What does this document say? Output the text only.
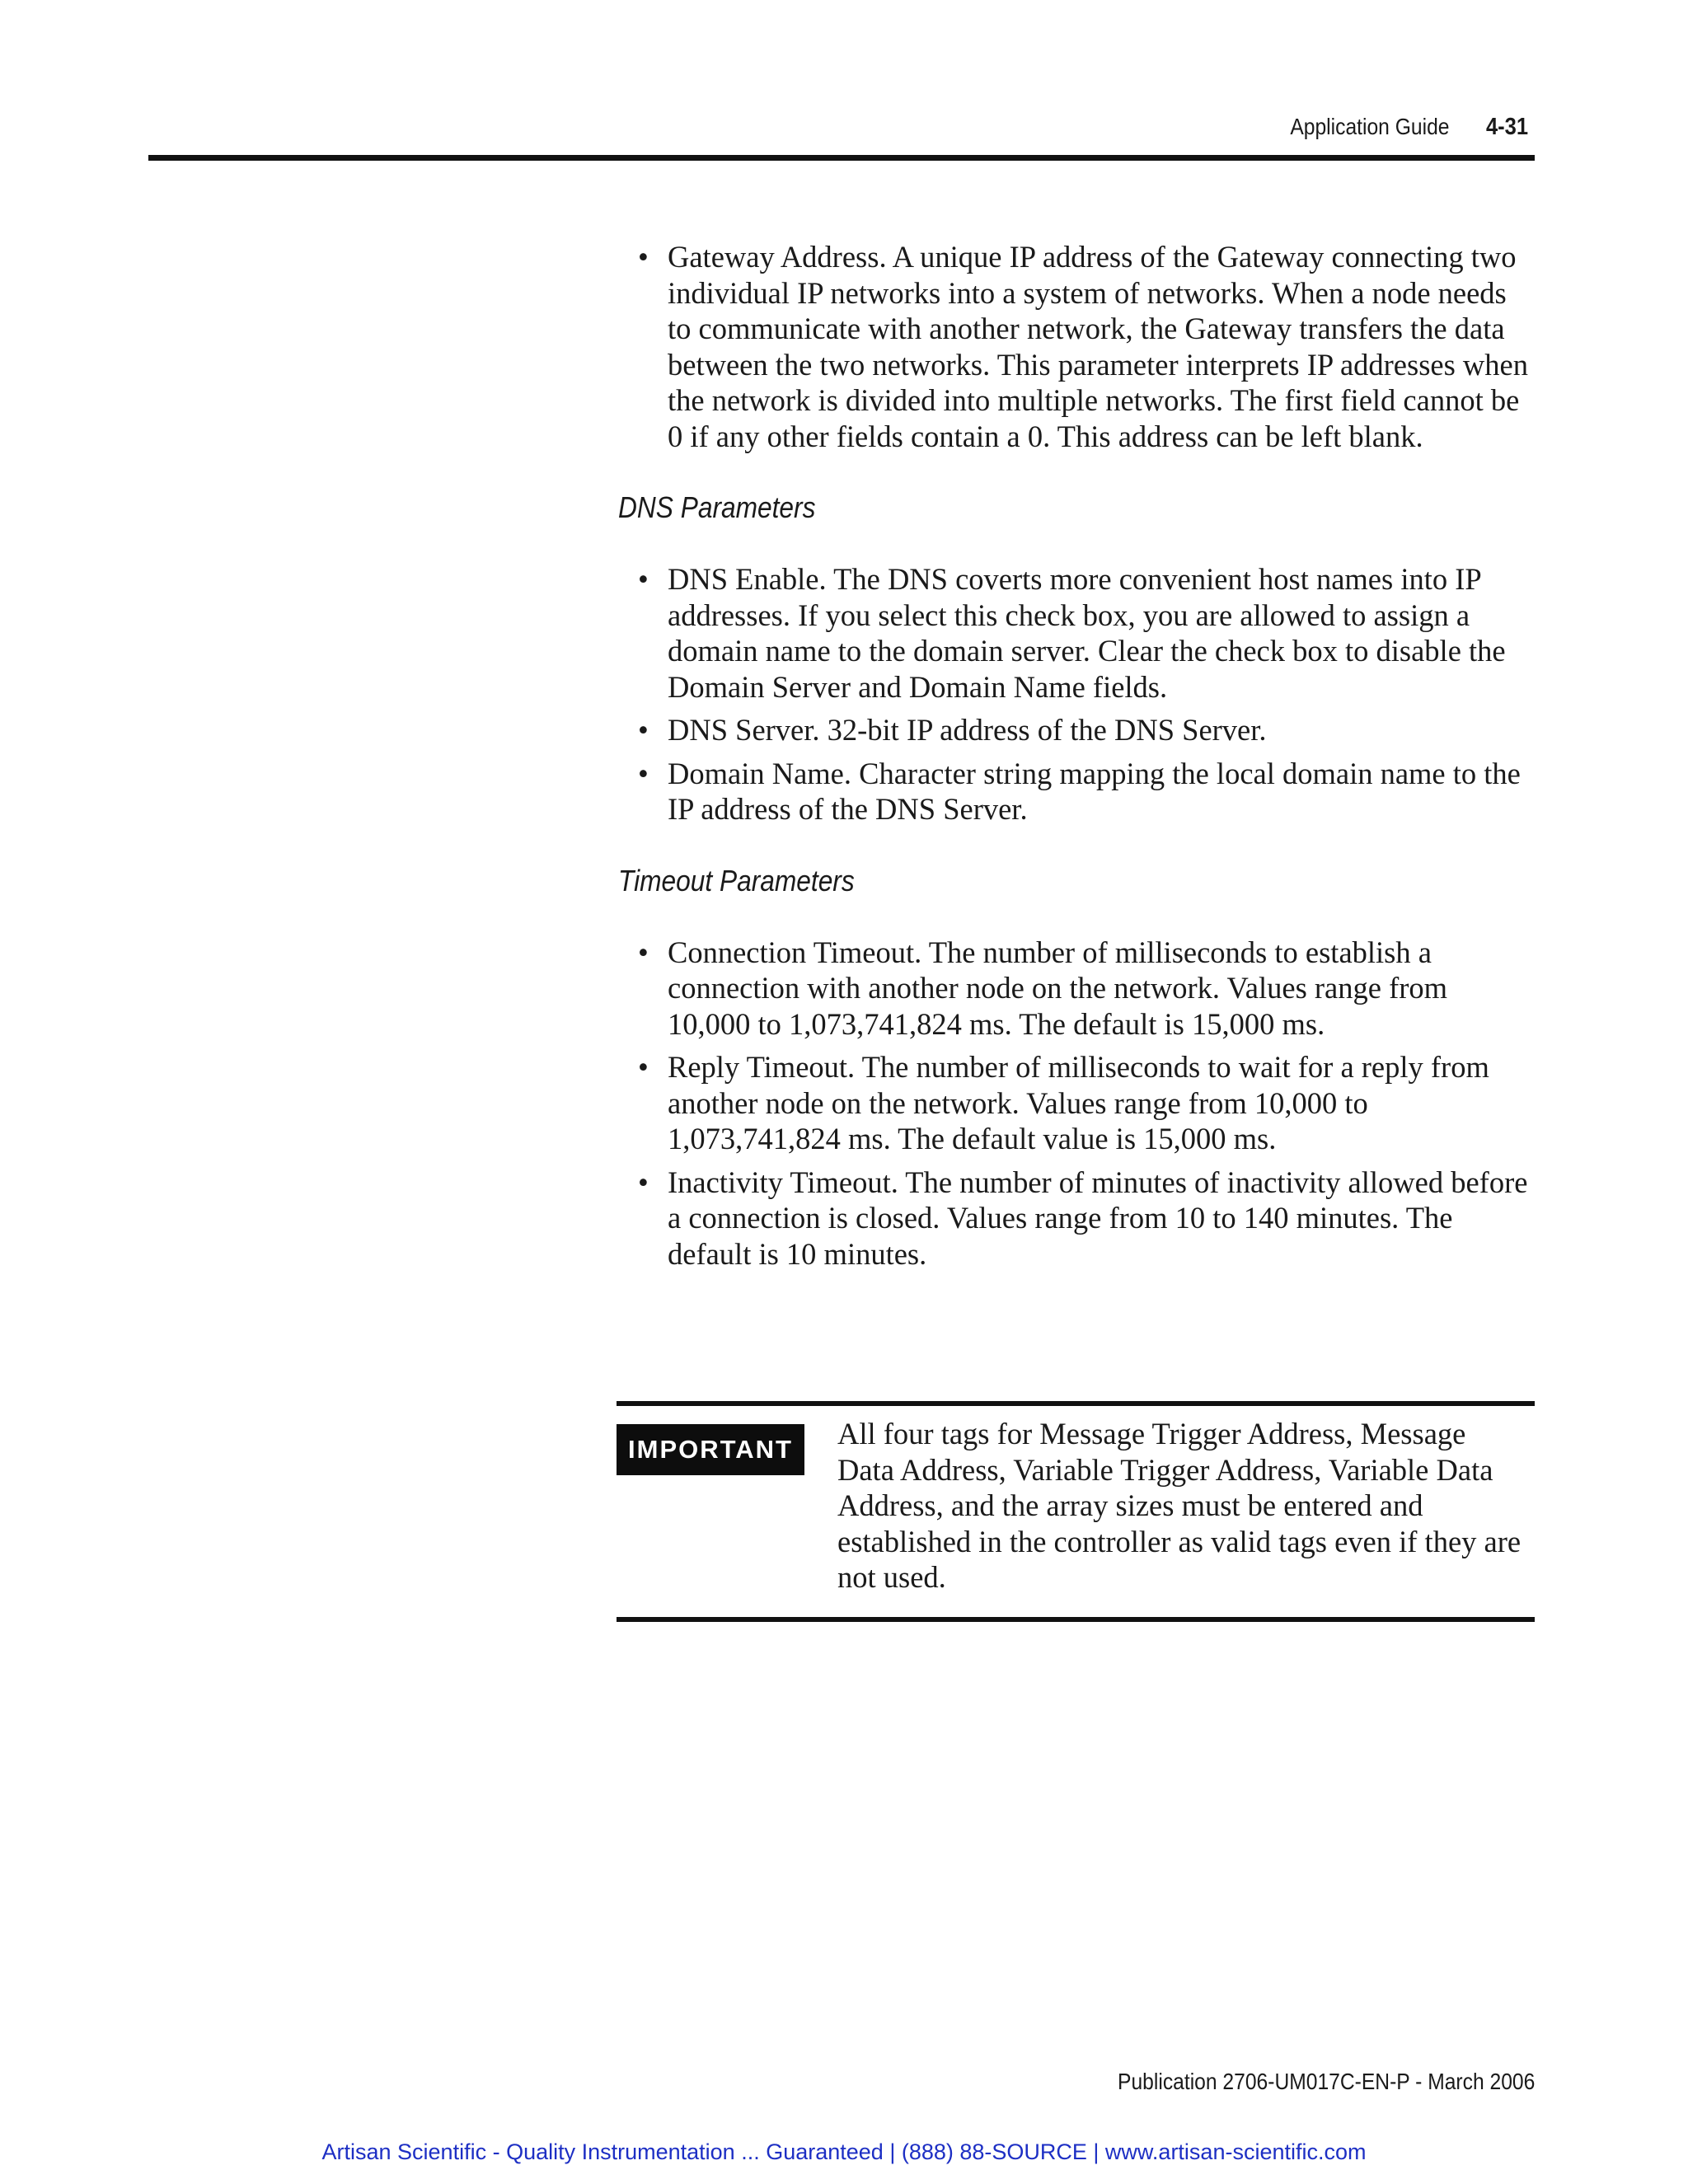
Application Guide 4-31
• Gateway Address. A unique IP address of the Gateway connecting two individual IP networks into a system of networks. When a node needs to communicate with another network, the Gateway transfers the data between the two networks. This parameter interprets IP addresses when the network is divided into multiple networks. The first field cannot be 0 if any other fields contain a 0. This address can be left blank.
DNS Parameters
• DNS Enable. The DNS coverts more convenient host names into IP addresses. If you select this check box, you are allowed to assign a domain name to the domain server. Clear the check box to disable the Domain Server and Domain Name fields.
• DNS Server. 32-bit IP address of the DNS Server.
• Domain Name. Character string mapping the local domain name to the IP address of the DNS Server.
Timeout Parameters
• Connection Timeout. The number of milliseconds to establish a connection with another node on the network. Values range from 10,000 to 1,073,741,824 ms. The default is 15,000 ms.
• Reply Timeout. The number of milliseconds to wait for a reply from another node on the network. Values range from 10,000 to 1,073,741,824 ms. The default value is 15,000 ms.
• Inactivity Timeout. The number of minutes of inactivity allowed before a connection is closed. Values range from 10 to 140 minutes. The default is 10 minutes.
IMPORTANT	All four tags for Message Trigger Address, Message Data Address, Variable Trigger Address, Variable Data Address, and the array sizes must be entered and established in the controller as valid tags even if they are not used.
Publication 2706-UM017C-EN-P - March 2006
Artisan Scientific - Quality Instrumentation ... Guaranteed | (888) 88-SOURCE | www.artisan-scientific.com
